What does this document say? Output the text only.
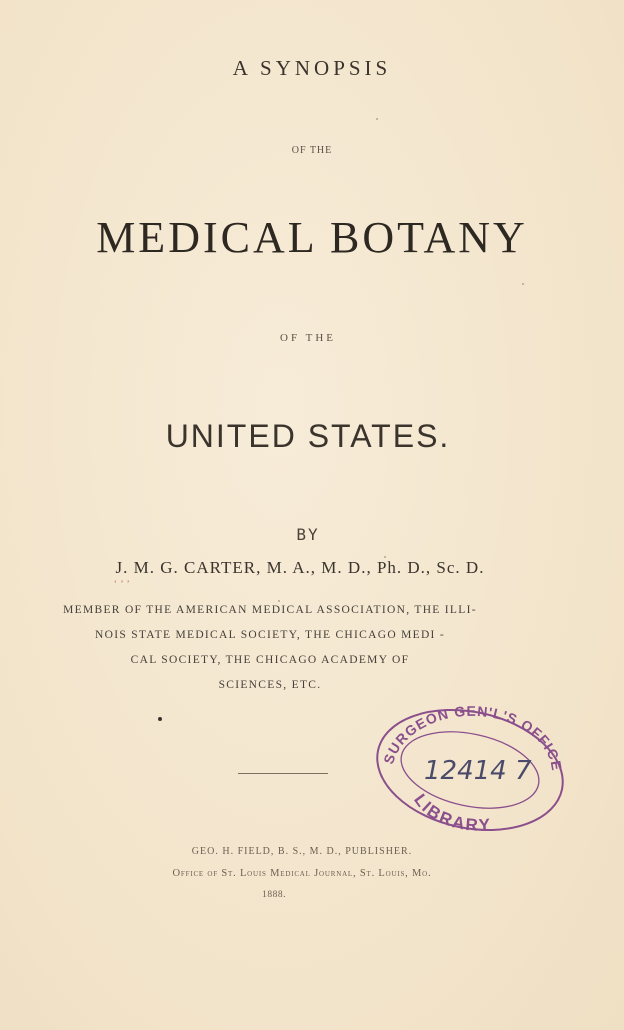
A SYNOPSIS
OF THE
MEDICAL BOTANY
OF THE
UNITED STATES.
BY
J. M. G. CARTER, M. A., M. D., Ph. D., Sc. D.
‘ ’ ’
MEMBER OF THE AMERICAN MEDICAL ASSOCIATION, THE ILLI-
NOIS STATE MEDICAL SOCIETY, THE CHICAGO MEDI -
CAL SOCIETY, THE CHICAGO ACADEMY OF
SCIENCES, ETC.
SURGEON GEN'L'S OFFICE
12414 7
LIBRARY
GEO. H. FIELD, B. S., M. D., PUBLISHER.
Office of St. Louis Medical Journal, St. Louis, Mo.
1888.
